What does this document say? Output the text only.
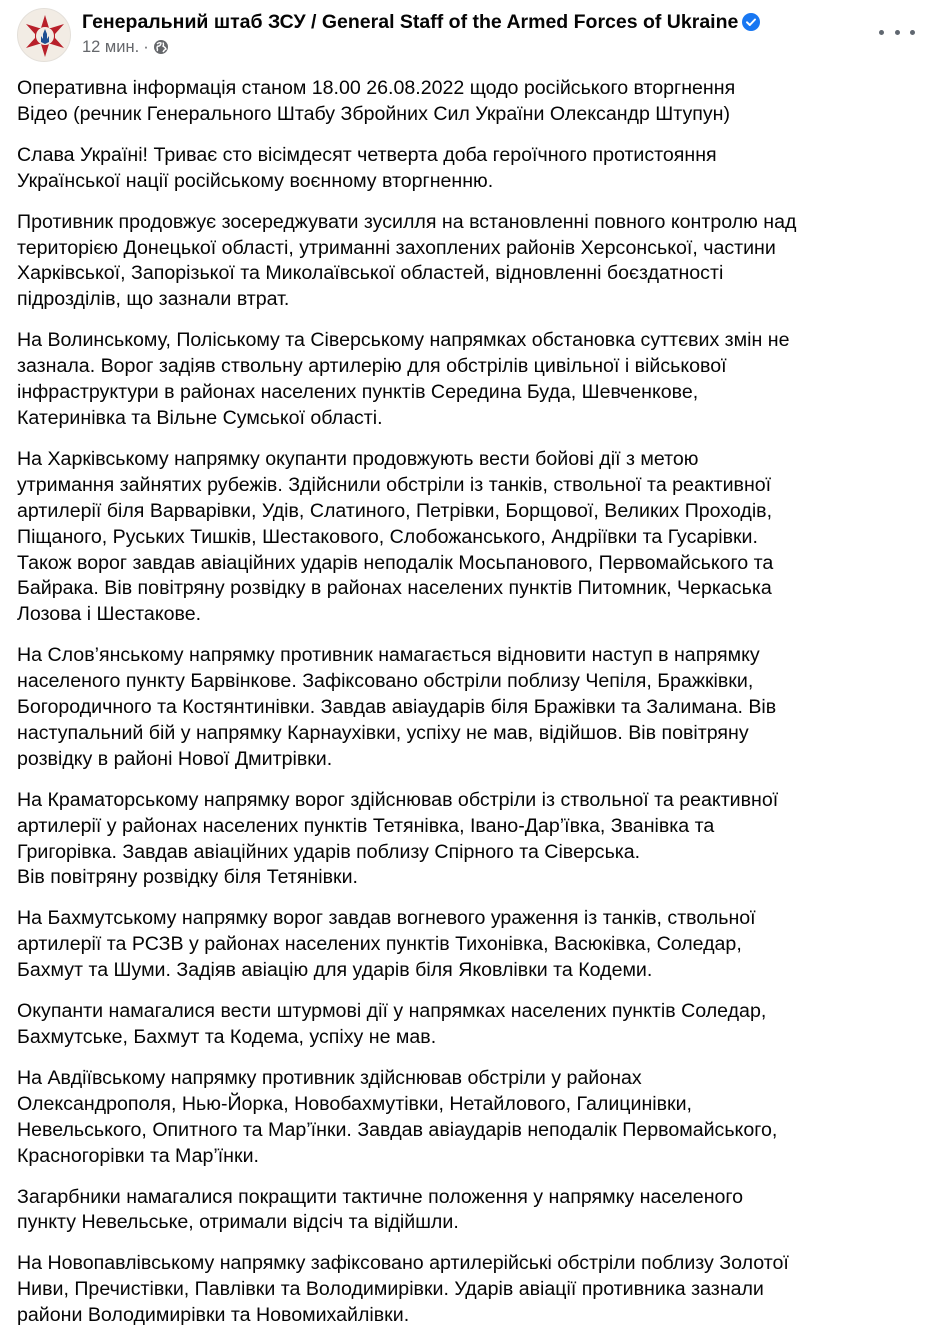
Генеральний штаб ЗСУ / General Staff of the Armed Forces of Ukraine
12 мин. ·

Оперативна інформація станом 18.00 26.08.2022 щодо російського вторгнення
Відео (речник Генерального Штабу Збройних Сил України Олександр Штупун)

Слава Україні! Триває сто вісімдесят четверта доба героїчного протистояння
Української нації російському воєнному вторгненню.

Противник продовжує зосереджувати зусилля на встановленні повного контролю над
територією Донецької області, утриманні захоплених районів Херсонської, частини
Харківської, Запорізької та Миколаївської областей, відновленні боєздатності
підрозділів, що зазнали втрат.

На Волинському, Поліському та Сіверському напрямках обстановка суттєвих змін не
зазнала. Ворог задіяв ствольну артилерію для обстрілів цивільної і військової
інфраструктури в районах населених пунктів Середина Буда, Шевченкове,
Катеринівка та Вільне Сумської області.

На Харківському напрямку окупанти продовжують вести бойові дії з метою
утримання зайнятих рубежів. Здійснили обстріли із танків, ствольної та реактивної
артилерії біля Варварівки, Удів, Слатиного, Петрівки, Борщової, Великих Проходів,
Піщаного, Руських Тишків, Шестакового, Слобожанського, Андріївки та Гусарівки.
Також ворог завдав авіаційних ударів неподалік Мосьпанового, Первомайського та
Байрака. Вів повітряну розвідку в районах населених пунктів Питомник, Черкаська
Лозова і Шестакове.

На Слов’янському напрямку противник намагається відновити наступ в напрямку
населеного пункту Барвінкове. Зафіксовано обстріли поблизу Чепіля, Бражківки,
Богородичного та Костянтинівки. Завдав авіаударів біля Бражівки та Залимана. Вів
наступальний бій у напрямку Карнаухівки, успіху не мав, відійшов. Вів повітряну
розвідку в районі Нової Дмитрівки.

На Краматорському напрямку ворог здійснював обстріли із ствольної та реактивної
артилерії у районах населених пунктів Тетянівка, Івано-Дар’ївка, Званівка та
Григорівка. Завдав авіаційних ударів поблизу Спірного та Сіверська.
Вів повітряну розвідку біля Тетянівки.

На Бахмутському напрямку ворог завдав вогневого ураження із танків, ствольної
артилерії та РСЗВ у районах населених пунктів Тихонівка, Васюківка, Соледар,
Бахмут та Шуми. Задіяв авіацію для ударів біля Яковлівки та Кодеми.

Окупанти намагалися вести штурмові дії у напрямках населених пунктів Соледар,
Бахмутське, Бахмут та Кодема, успіху не мав.

На Авдіївському напрямку противник здійснював обстріли у районах
Олександрополя, Нью-Йорка, Новобахмутівки, Нетайлового, Галицинівки,
Невельського, Опитного та Мар’їнки. Завдав авіаударів неподалік Первомайського,
Красногорівки та Мар’їнки.

Загарбники намагалися покращити тактичне положення у напрямку населеного
пункту Невельське, отримали відсіч та відійшли.

На Новопавлівському напрямку зафіксовано артилерійські обстріли поблизу Золотої
Ниви, Пречистівки, Павлівки та Володимирівки. Ударів авіації противника зазнали
райони Володимирівки та Новомихайлівки.
